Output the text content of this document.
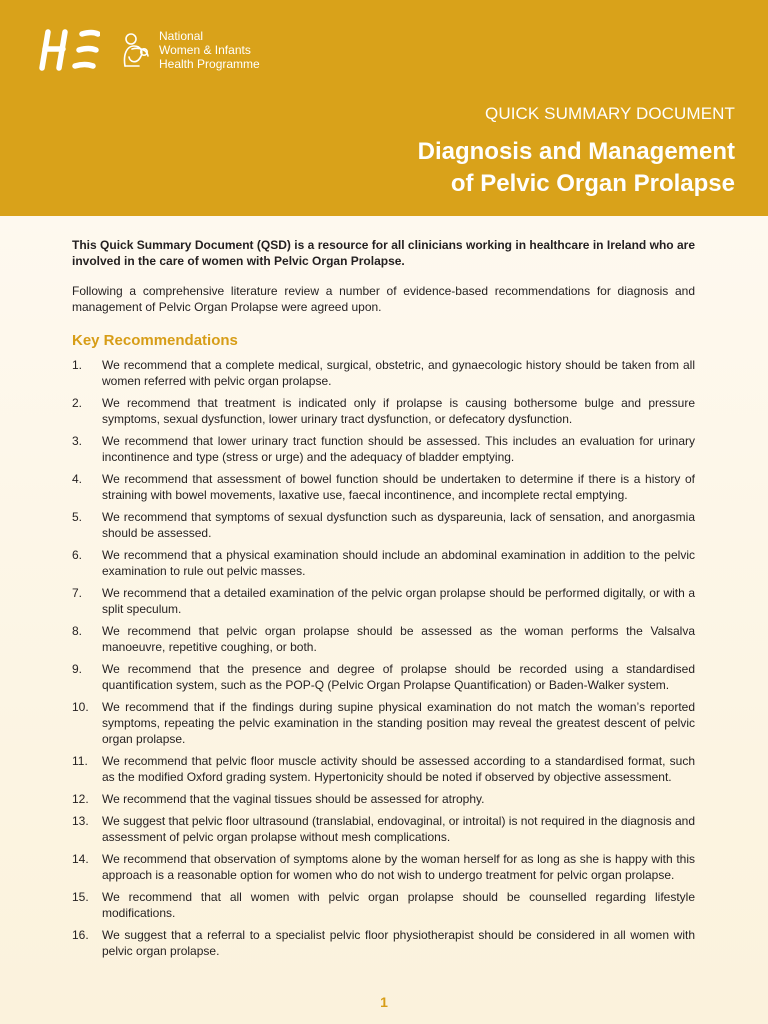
National
Women & Infants
Health Programme
QUICK SUMMARY DOCUMENT
Diagnosis and Management
of Pelvic Organ Prolapse

This Quick Summary Document (QSD) is a resource for all clinicians working in healthcare in Ireland who are involved in the care of women with Pelvic Organ Prolapse.

Following a comprehensive literature review a number of evidence-based recommendations for diagnosis and management of Pelvic Organ Prolapse were agreed upon.

Key Recommendations
1.	We recommend that a complete medical, surgical, obstetric, and gynaecologic history should be taken from all women referred with pelvic organ prolapse.
2.	We recommend that treatment is indicated only if prolapse is causing bothersome bulge and pressure symptoms, sexual dysfunction, lower urinary tract dysfunction, or defecatory dysfunction.
3.	We recommend that lower urinary tract function should be assessed. This includes an evaluation for urinary incontinence and type (stress or urge) and the adequacy of bladder emptying.
4.	We recommend that assessment of bowel function should be undertaken to determine if there is a history of straining with bowel movements, laxative use, faecal incontinence, and incomplete rectal emptying.
5.	We recommend that symptoms of sexual dysfunction such as dyspareunia, lack of sensation, and anorgasmia should be assessed.
6.	We recommend that a physical examination should include an abdominal examination in addition to the pelvic examination to rule out pelvic masses.
7.	We recommend that a detailed examination of the pelvic organ prolapse should be performed digitally, or with a split speculum.
8.	We recommend that pelvic organ prolapse should be assessed as the woman performs the Valsalva manoeuvre, repetitive coughing, or both.
9.	We recommend that the presence and degree of prolapse should be recorded using a standardised quantification system, such as the POP-Q (Pelvic Organ Prolapse Quantification) or Baden-Walker system.
10.	We recommend that if the findings during supine physical examination do not match the woman’s reported symptoms, repeating the pelvic examination in the standing position may reveal the greatest descent of pelvic organ prolapse.
11.	We recommend that pelvic floor muscle activity should be assessed according to a standardised format, such as the modified Oxford grading system. Hypertonicity should be noted if observed by objective assessment.
12.	We recommend that the vaginal tissues should be assessed for atrophy.
13.	We suggest that pelvic floor ultrasound (translabial, endovaginal, or introital) is not required in the diagnosis and assessment of pelvic organ prolapse without mesh complications.
14.	We recommend that observation of symptoms alone by the woman herself for as long as she is happy with this approach is a reasonable option for women who do not wish to undergo treatment for pelvic organ prolapse.
15.	We recommend that all women with pelvic organ prolapse should be counselled regarding lifestyle modifications.
16.	We suggest that a referral to a specialist pelvic floor physiotherapist should be considered in all women with pelvic organ prolapse.
1
